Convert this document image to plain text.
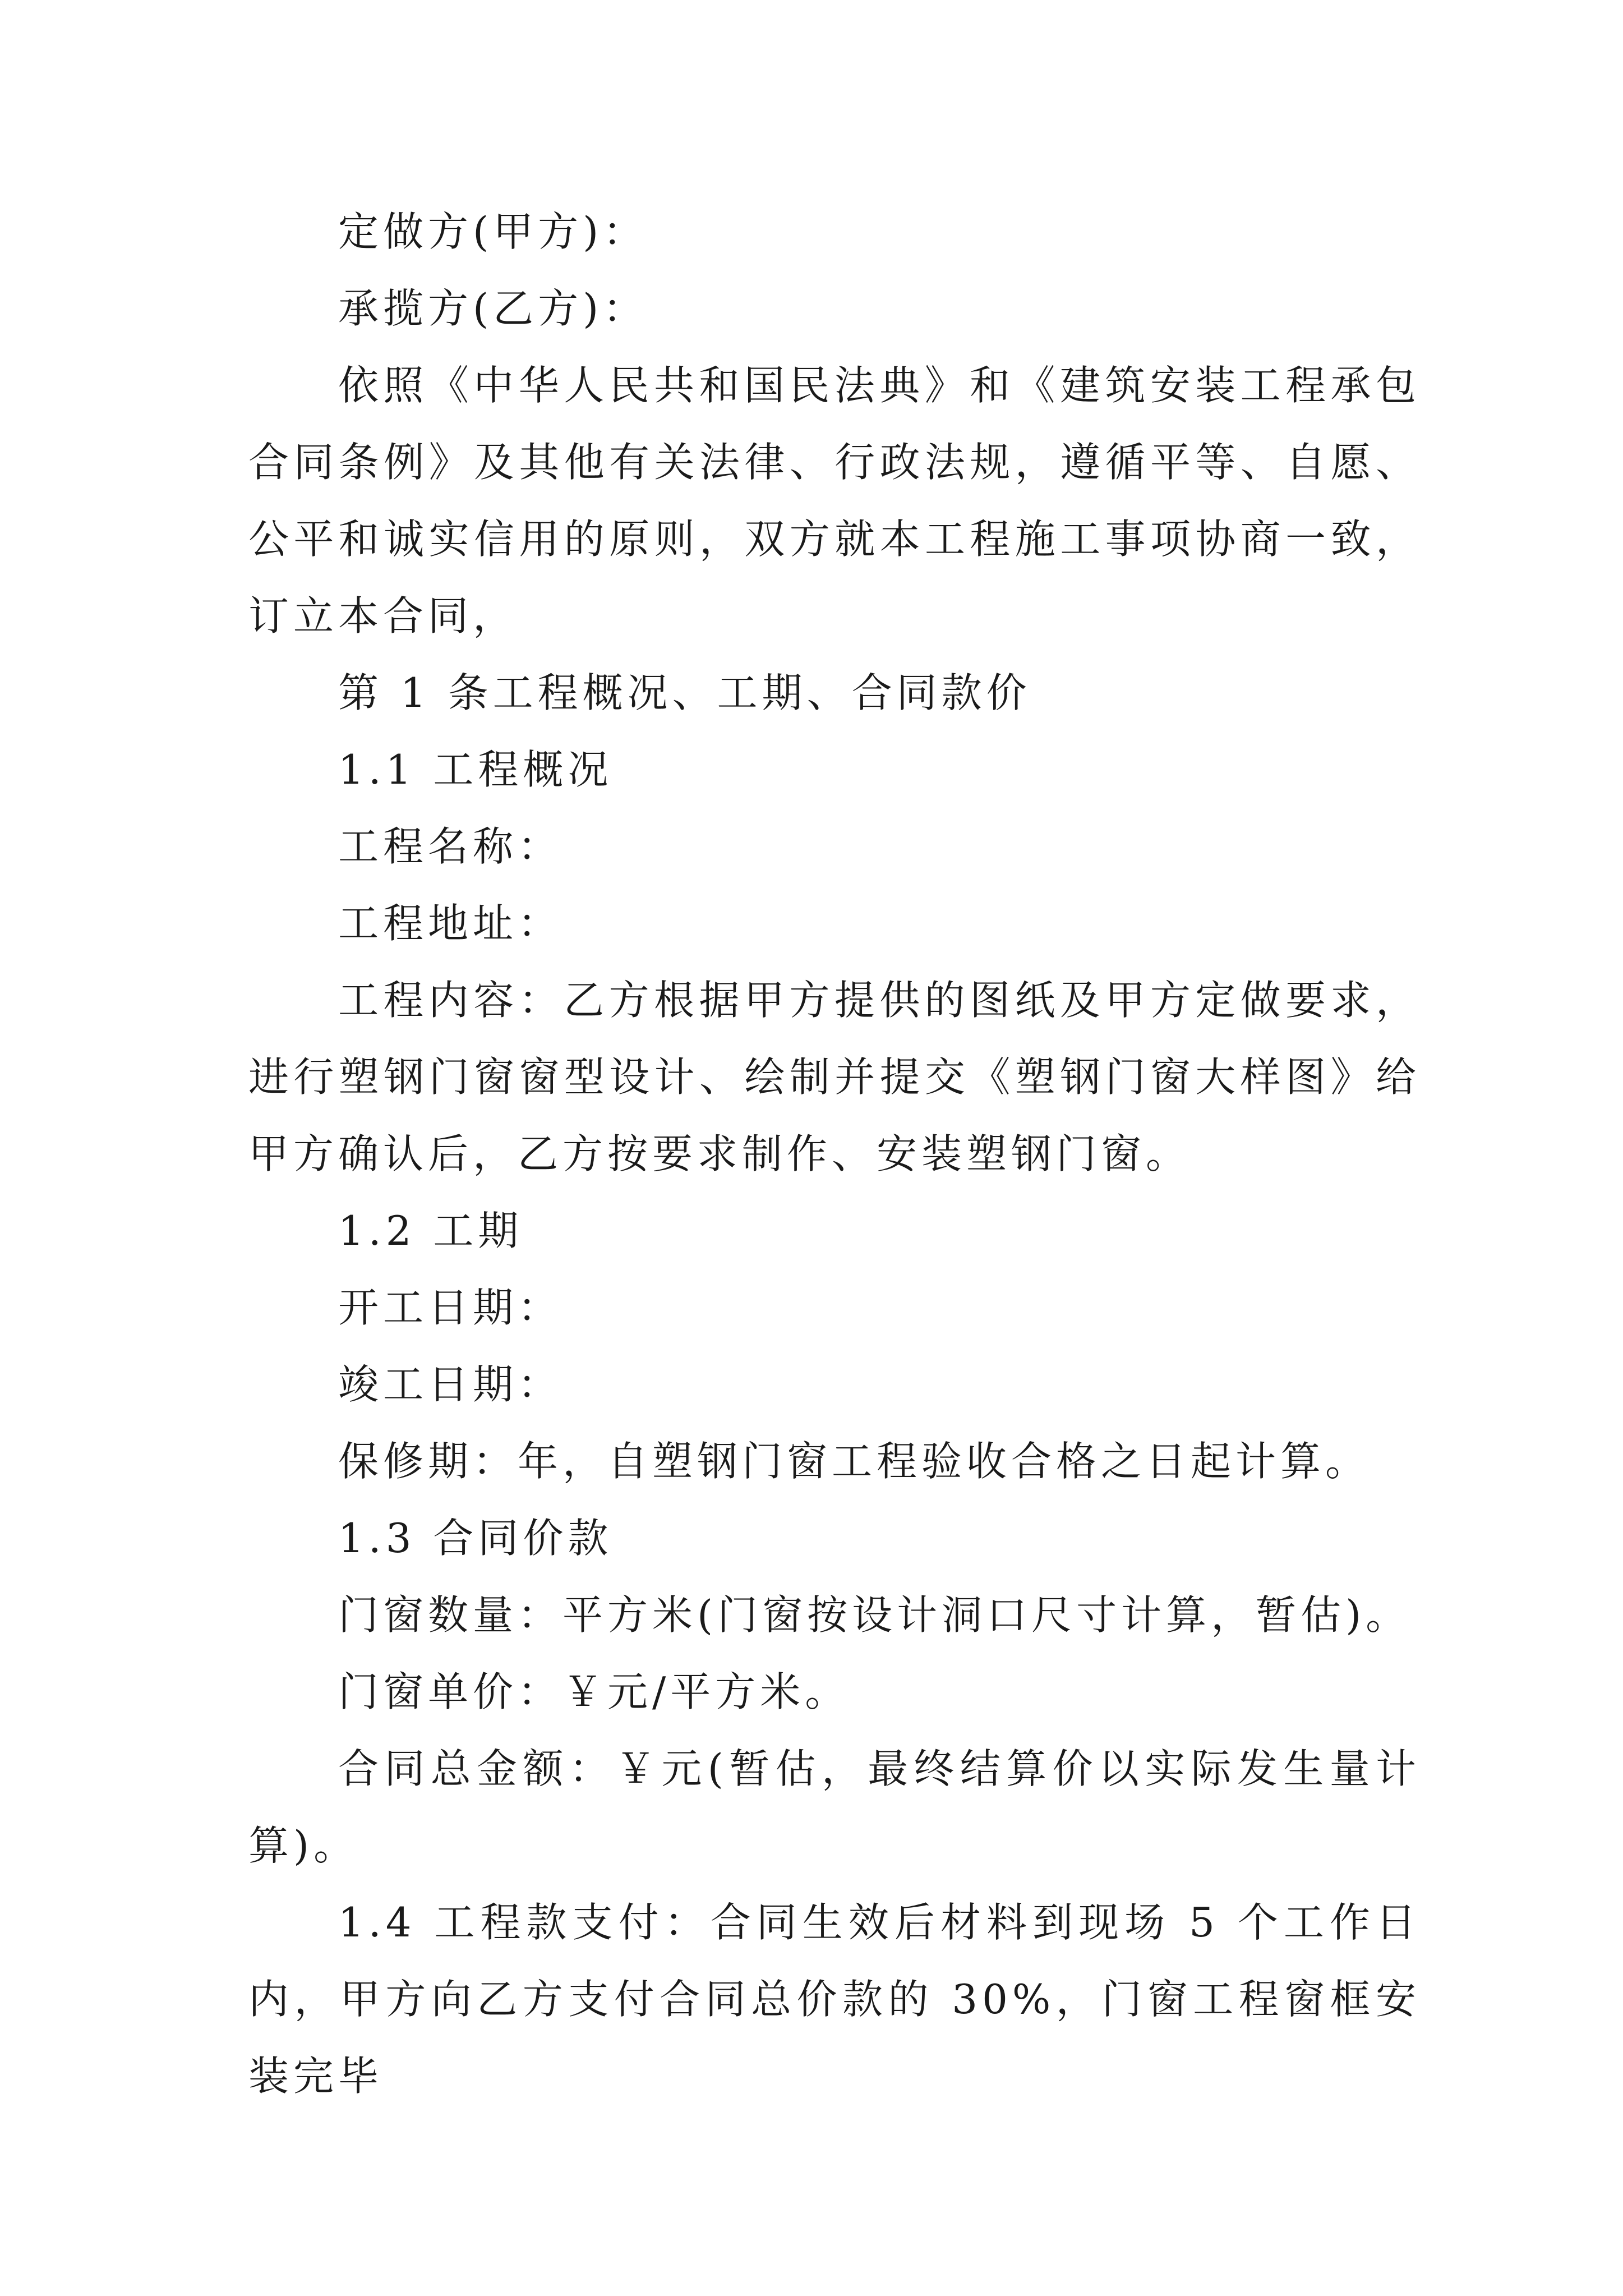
定做方(甲方)：

承揽方(乙方)：

依照《中华人民共和国民法典》和《建筑安装工程承包合同条例》及其他有关法律、行政法规，遵循平等、自愿、公平和诚实信用的原则，双方就本工程施工事项协商一致，订立本合同，

第 1 条工程概况、工期、合同款价

1.1 工程概况

工程名称：

工程地址：

工程内容：乙方根据甲方提供的图纸及甲方定做要求，进行塑钢门窗窗型设计、绘制并提交《塑钢门窗大样图》给甲方确认后，乙方按要求制作、安装塑钢门窗。

1.2 工期

开工日期：

竣工日期：

保修期：年，自塑钢门窗工程验收合格之日起计算。

1.3 合同价款

门窗数量：平方米(门窗按设计洞口尺寸计算，暂估)。

门窗单价：￥元/平方米。

合同总金额：￥元(暂估，最终结算价以实际发生量计算)。

1.4 工程款支付：合同生效后材料到现场 5 个工作日内，甲方向乙方支付合同总价款的 30%，门窗工程窗框安装完毕
